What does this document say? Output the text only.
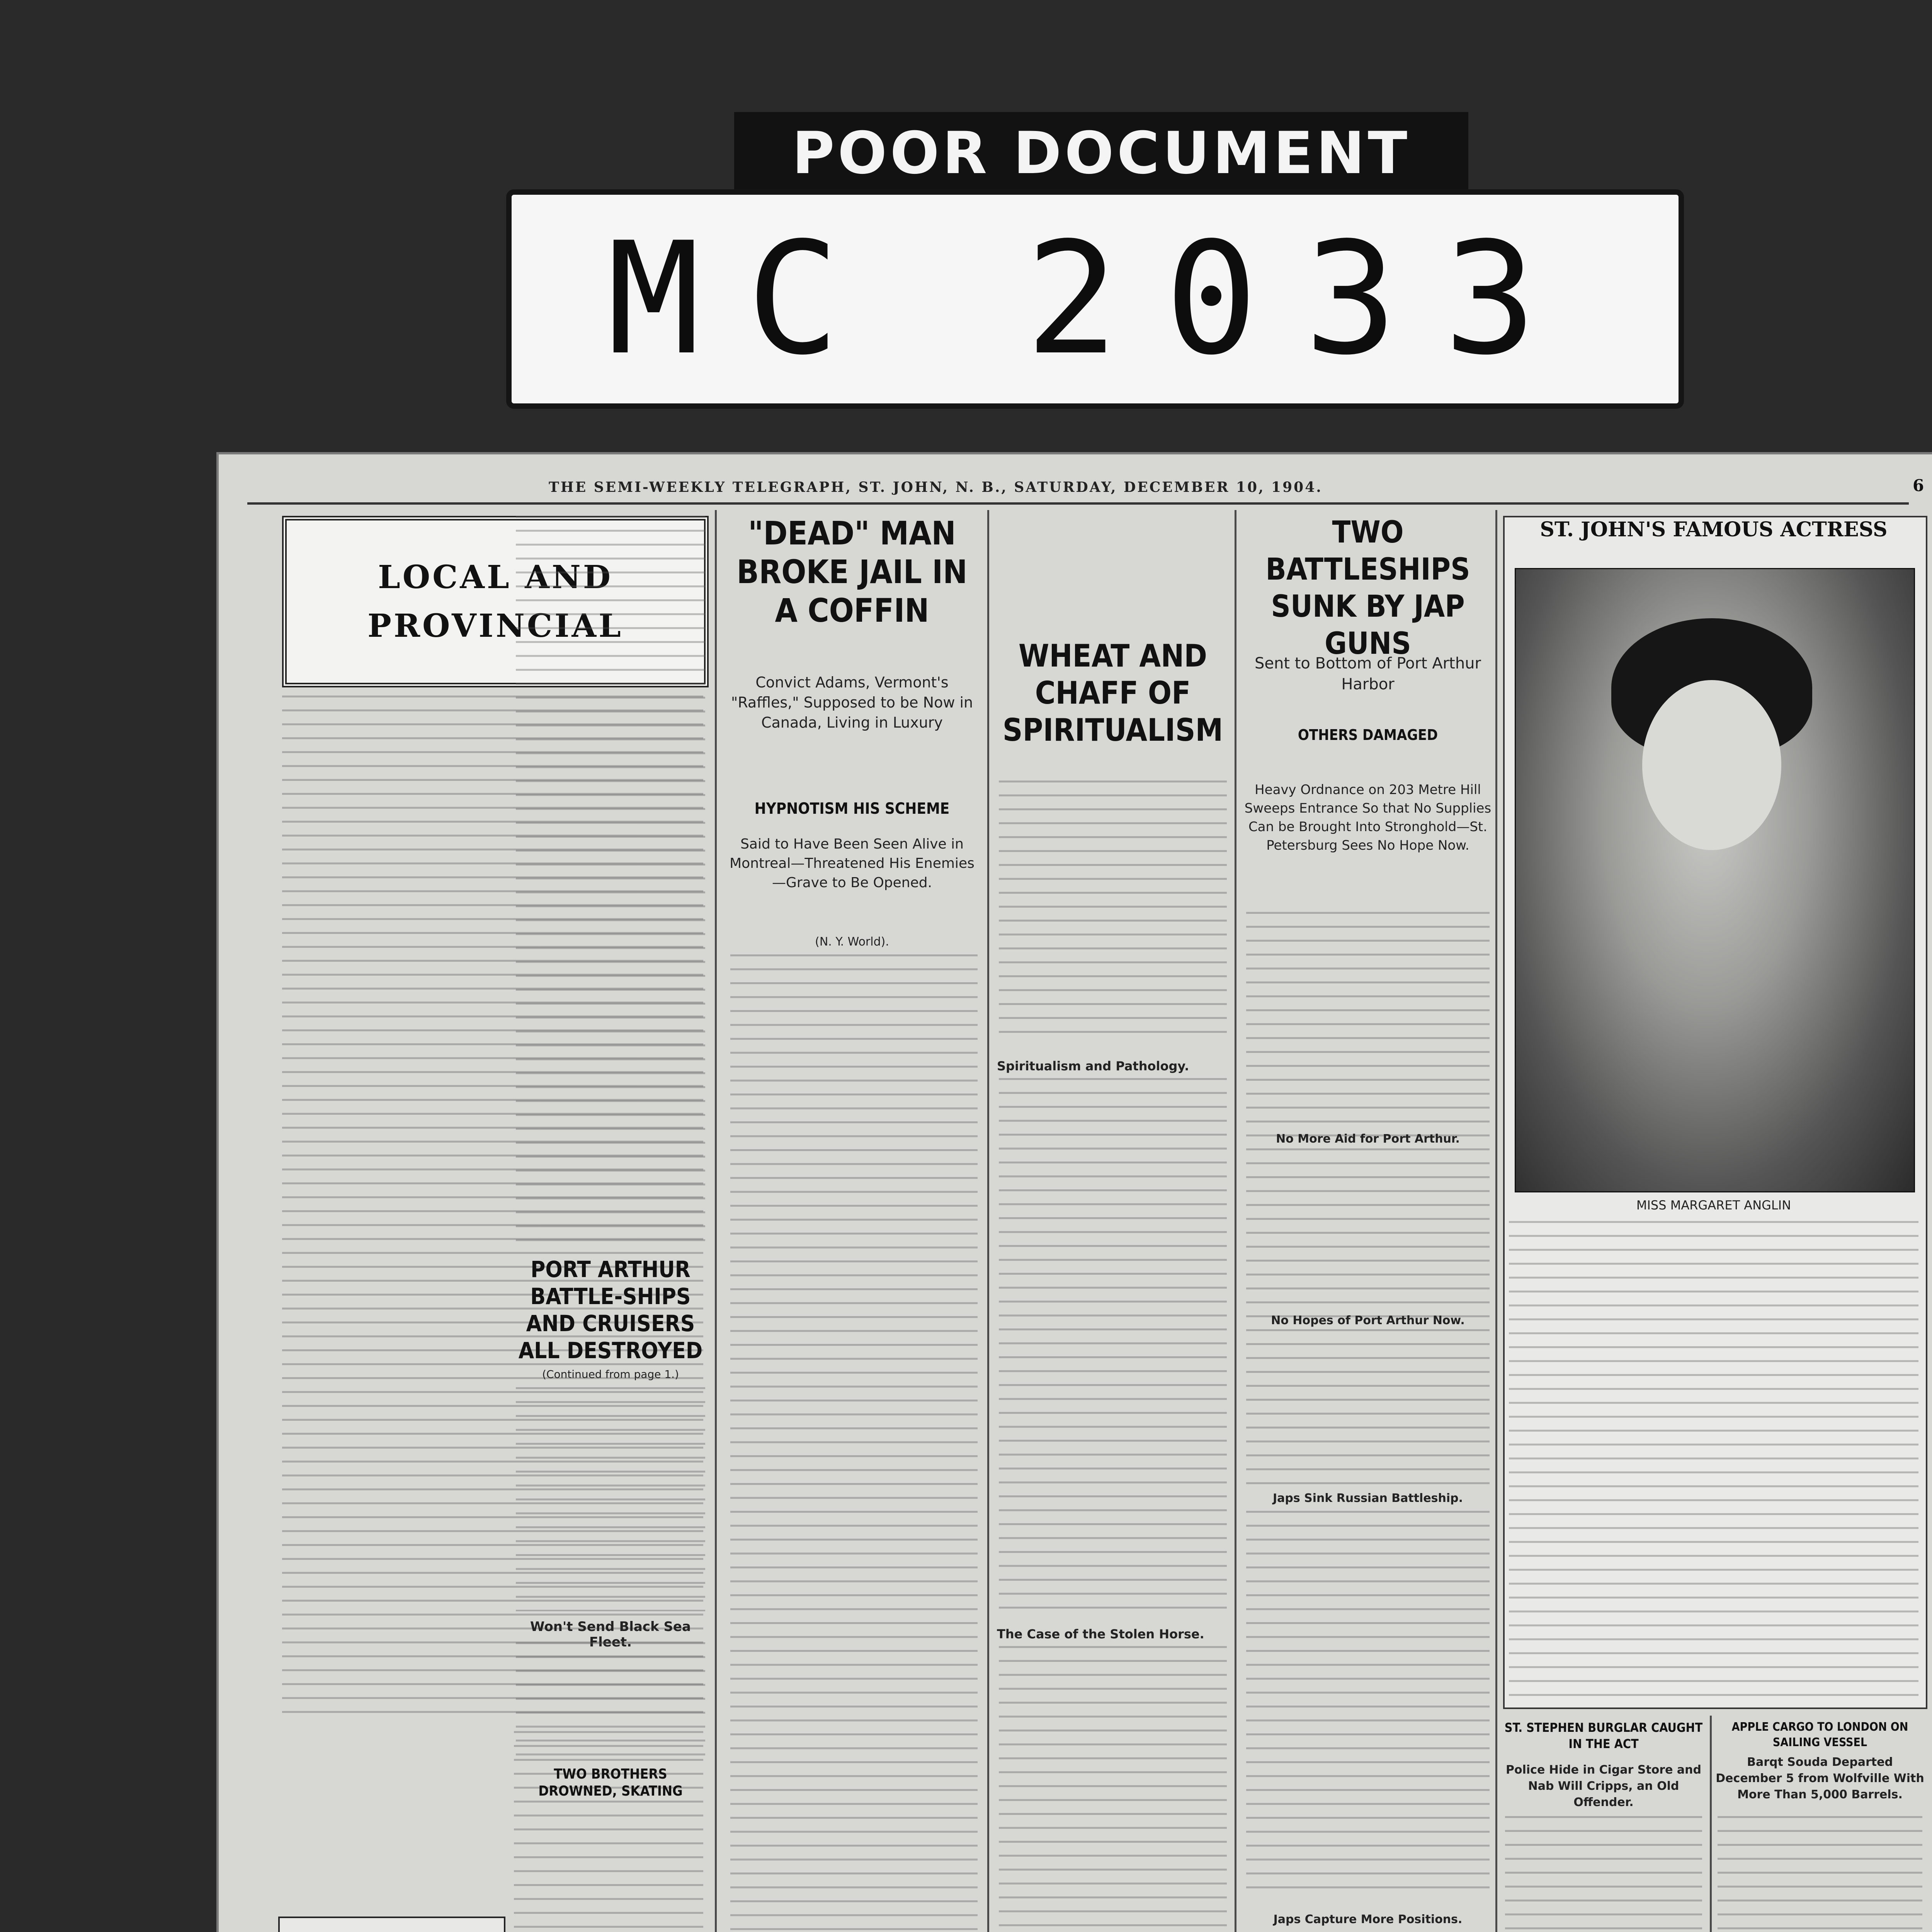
POOR DOCUMENT
MC 2033
THE SEMI-WEEKLY TELEGRAPH, ST. JOHN, N. B., SATURDAY, DECEMBER 10, 1904.	6
LOCAL AND
PROVINCIAL
PORT ARTHUR BATTLE-SHIPS AND CRUISERS ALL DESTROYED
(Continued from page 1.)
Won't Send Black Sea Fleet.
TWO BROTHERS DROWNED, SKATING
"DEAD" MAN BROKE JAIL IN A COFFIN
Convict Adams, Vermont's "Raffles," Supposed to be Now in Canada, Living in Luxury
HYPNOTISM HIS SCHEME
Said to Have Been Seen Alive in Montreal—Threatened His Enemies—Grave to Be Opened.
(N. Y. World).
WHEAT AND CHAFF OF SPIRITUALISM
Spiritualism and Pathology.
The Case of the Stolen Horse.
TWO BATTLESHIPS SUNK BY JAP GUNS
Sent to Bottom of Port Arthur Harbor
OTHERS DAMAGED
Heavy Ordnance on 203 Metre Hill Sweeps Entrance So that No Supplies Can be Brought Into Stronghold—St. Petersburg Sees No Hope Now.
No More Aid for Port Arthur.
No Hopes of Port Arthur Now.
Japs Sink Russian Battleship.
Japs Capture More Positions.
ST. JOHN'S FAMOUS ACTRESS
MISS MARGARET ANGLIN
ST. STEPHEN BURGLAR CAUGHT IN THE ACT
Police Hide in Cigar Store and Nab Will Cripps, an Old Offender.
APPLE CARGO TO LONDON ON SAILING VESSEL
Barqt Souda Departed December 5 from Wolfville With More Than 5,000 Barrels.
